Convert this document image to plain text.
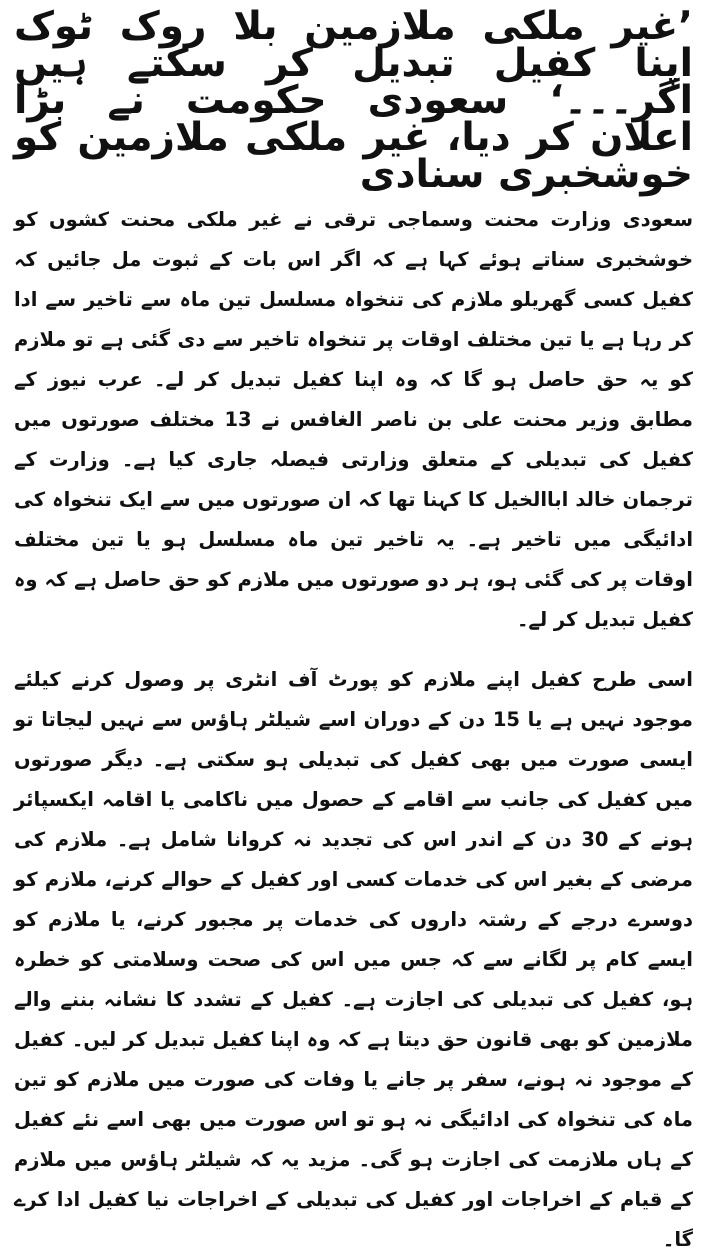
’غیر ملکی ملازمین بلا روک ٹوک اپنا کفیل تبدیل کر سکتے ہیں اگر۔۔۔‘ سعودی حکومت نے بڑا اعلان کر دیا، غیر ملکی ملازمین کو خوشخبری سنادی

سعودی وزارت محنت وسماجی ترقی نے غیر ملکی محنت کشوں کو خوشخبری سناتے ہوئے کہا ہے کہ اگر اس بات کے ثبوت مل جائیں کہ کفیل کسی گھریلو ملازم کی تنخواہ مسلسل تین ماہ سے تاخیر سے ادا کر رہا ہے یا تین مختلف اوقات پر تنخواہ تاخیر سے دی گئی ہے تو ملازم کو یہ حق حاصل ہو گا کہ وہ اپنا کفیل تبدیل کر لے۔ عرب نیوز کے مطابق وزیر محنت علی بن ناصر الغافس نے 13 مختلف صورتوں میں کفیل کی تبدیلی کے متعلق وزارتی فیصلہ جاری کیا ہے۔ وزارت کے ترجمان خالد اباالخیل کا کہنا تھا کہ ان صورتوں میں سے ایک تنخواہ کی ادائیگی میں تاخیر ہے۔ یہ تاخیر تین ماہ مسلسل ہو یا تین مختلف اوقات پر کی گئی ہو، ہر دو صورتوں میں ملازم کو حق حاصل ہے کہ وہ کفیل تبدیل کر لے۔

اسی طرح کفیل اپنے ملازم کو پورٹ آف انٹری پر وصول کرنے کیلئے موجود نہیں ہے یا 15 دن کے دوران اسے شیلٹر ہاؤس سے نہیں لیجاتا تو ایسی صورت میں بھی کفیل کی تبدیلی ہو سکتی ہے۔ دیگر صورتوں میں کفیل کی جانب سے اقامے کے حصول میں ناکامی یا اقامہ ایکسپائر ہونے کے 30 دن کے اندر اس کی تجدید نہ کروانا شامل ہے۔ ملازم کی مرضی کے بغیر اس کی خدمات کسی اور کفیل کے حوالے کرنے، ملازم کو دوسرے درجے کے رشتہ داروں کی خدمات پر مجبور کرنے، یا ملازم کو ایسے کام پر لگانے سے کہ جس میں اس کی صحت وسلامتی کو خطرہ ہو، کفیل کی تبدیلی کی اجازت ہے۔ کفیل کے تشدد کا نشانہ بننے والے ملازمین کو بھی قانون حق دیتا ہے کہ وہ اپنا کفیل تبدیل کر لیں۔ کفیل کے موجود نہ ہونے، سفر پر جانے یا وفات کی صورت میں ملازم کو تین ماہ کی تنخواہ کی ادائیگی نہ ہو تو اس صورت میں بھی اسے نئے کفیل کے ہاں ملازمت کی اجازت ہو گی۔ مزید یہ کہ شیلٹر ہاؤس میں ملازم کے قیام کے اخراجات اور کفیل کی تبدیلی کے اخراجات نیا کفیل ادا کرے گا۔
